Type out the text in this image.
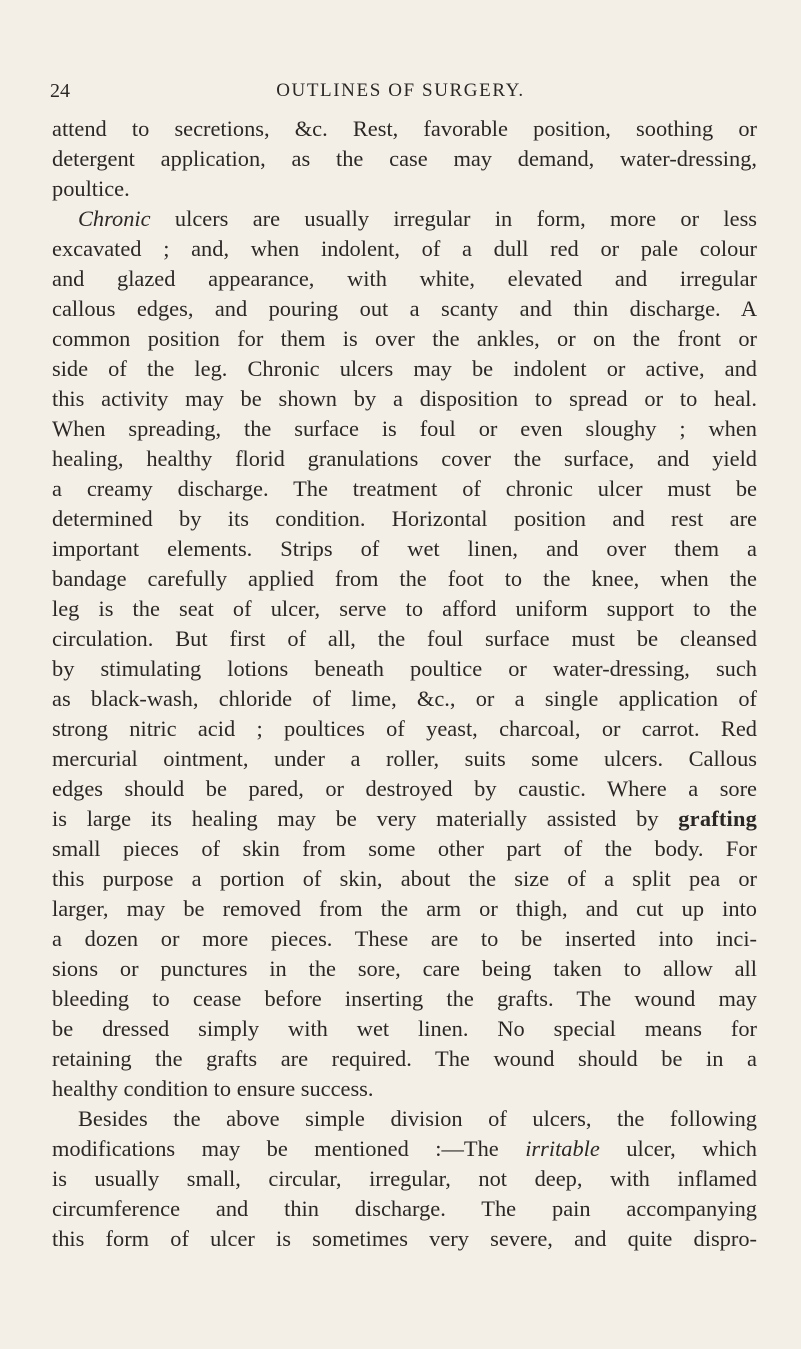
24	OUTLINES OF SURGERY.
attend to secretions, &c. Rest, favorable position, soothing or
detergent application, as the case may demand, water-dressing,
poultice.
Chronic ulcers are usually irregular in form, more or less
excavated ; and, when indolent, of a dull red or pale colour
and glazed appearance, with white, elevated and irregular
callous edges, and pouring out a scanty and thin discharge. A
common position for them is over the ankles, or on the front or
side of the leg. Chronic ulcers may be indolent or active, and
this activity may be shown by a disposition to spread or to heal.
When spreading, the surface is foul or even sloughy ; when
healing, healthy florid granulations cover the surface, and yield
a creamy discharge. The treatment of chronic ulcer must be
determined by its condition. Horizontal position and rest are
important elements. Strips of wet linen, and over them a
bandage carefully applied from the foot to the knee, when the
leg is the seat of ulcer, serve to afford uniform support to the
circulation. But first of all, the foul surface must be cleansed
by stimulating lotions beneath poultice or water-dressing, such
as black-wash, chloride of lime, &c., or a single application of
strong nitric acid ; poultices of yeast, charcoal, or carrot. Red
mercurial ointment, under a roller, suits some ulcers. Callous
edges should be pared, or destroyed by caustic. Where a sore
is large its healing may be very materially assisted by grafting
small pieces of skin from some other part of the body. For
this purpose a portion of skin, about the size of a split pea or
larger, may be removed from the arm or thigh, and cut up into
a dozen or more pieces. These are to be inserted into inci-
sions or punctures in the sore, care being taken to allow all
bleeding to cease before inserting the grafts. The wound may
be dressed simply with wet linen. No special means for
retaining the grafts are required. The wound should be in a
healthy condition to ensure success.
Besides the above simple division of ulcers, the following
modifications may be mentioned :—The irritable ulcer, which
is usually small, circular, irregular, not deep, with inflamed
circumference and thin discharge. The pain accompanying
this form of ulcer is sometimes very severe, and quite dispro-
